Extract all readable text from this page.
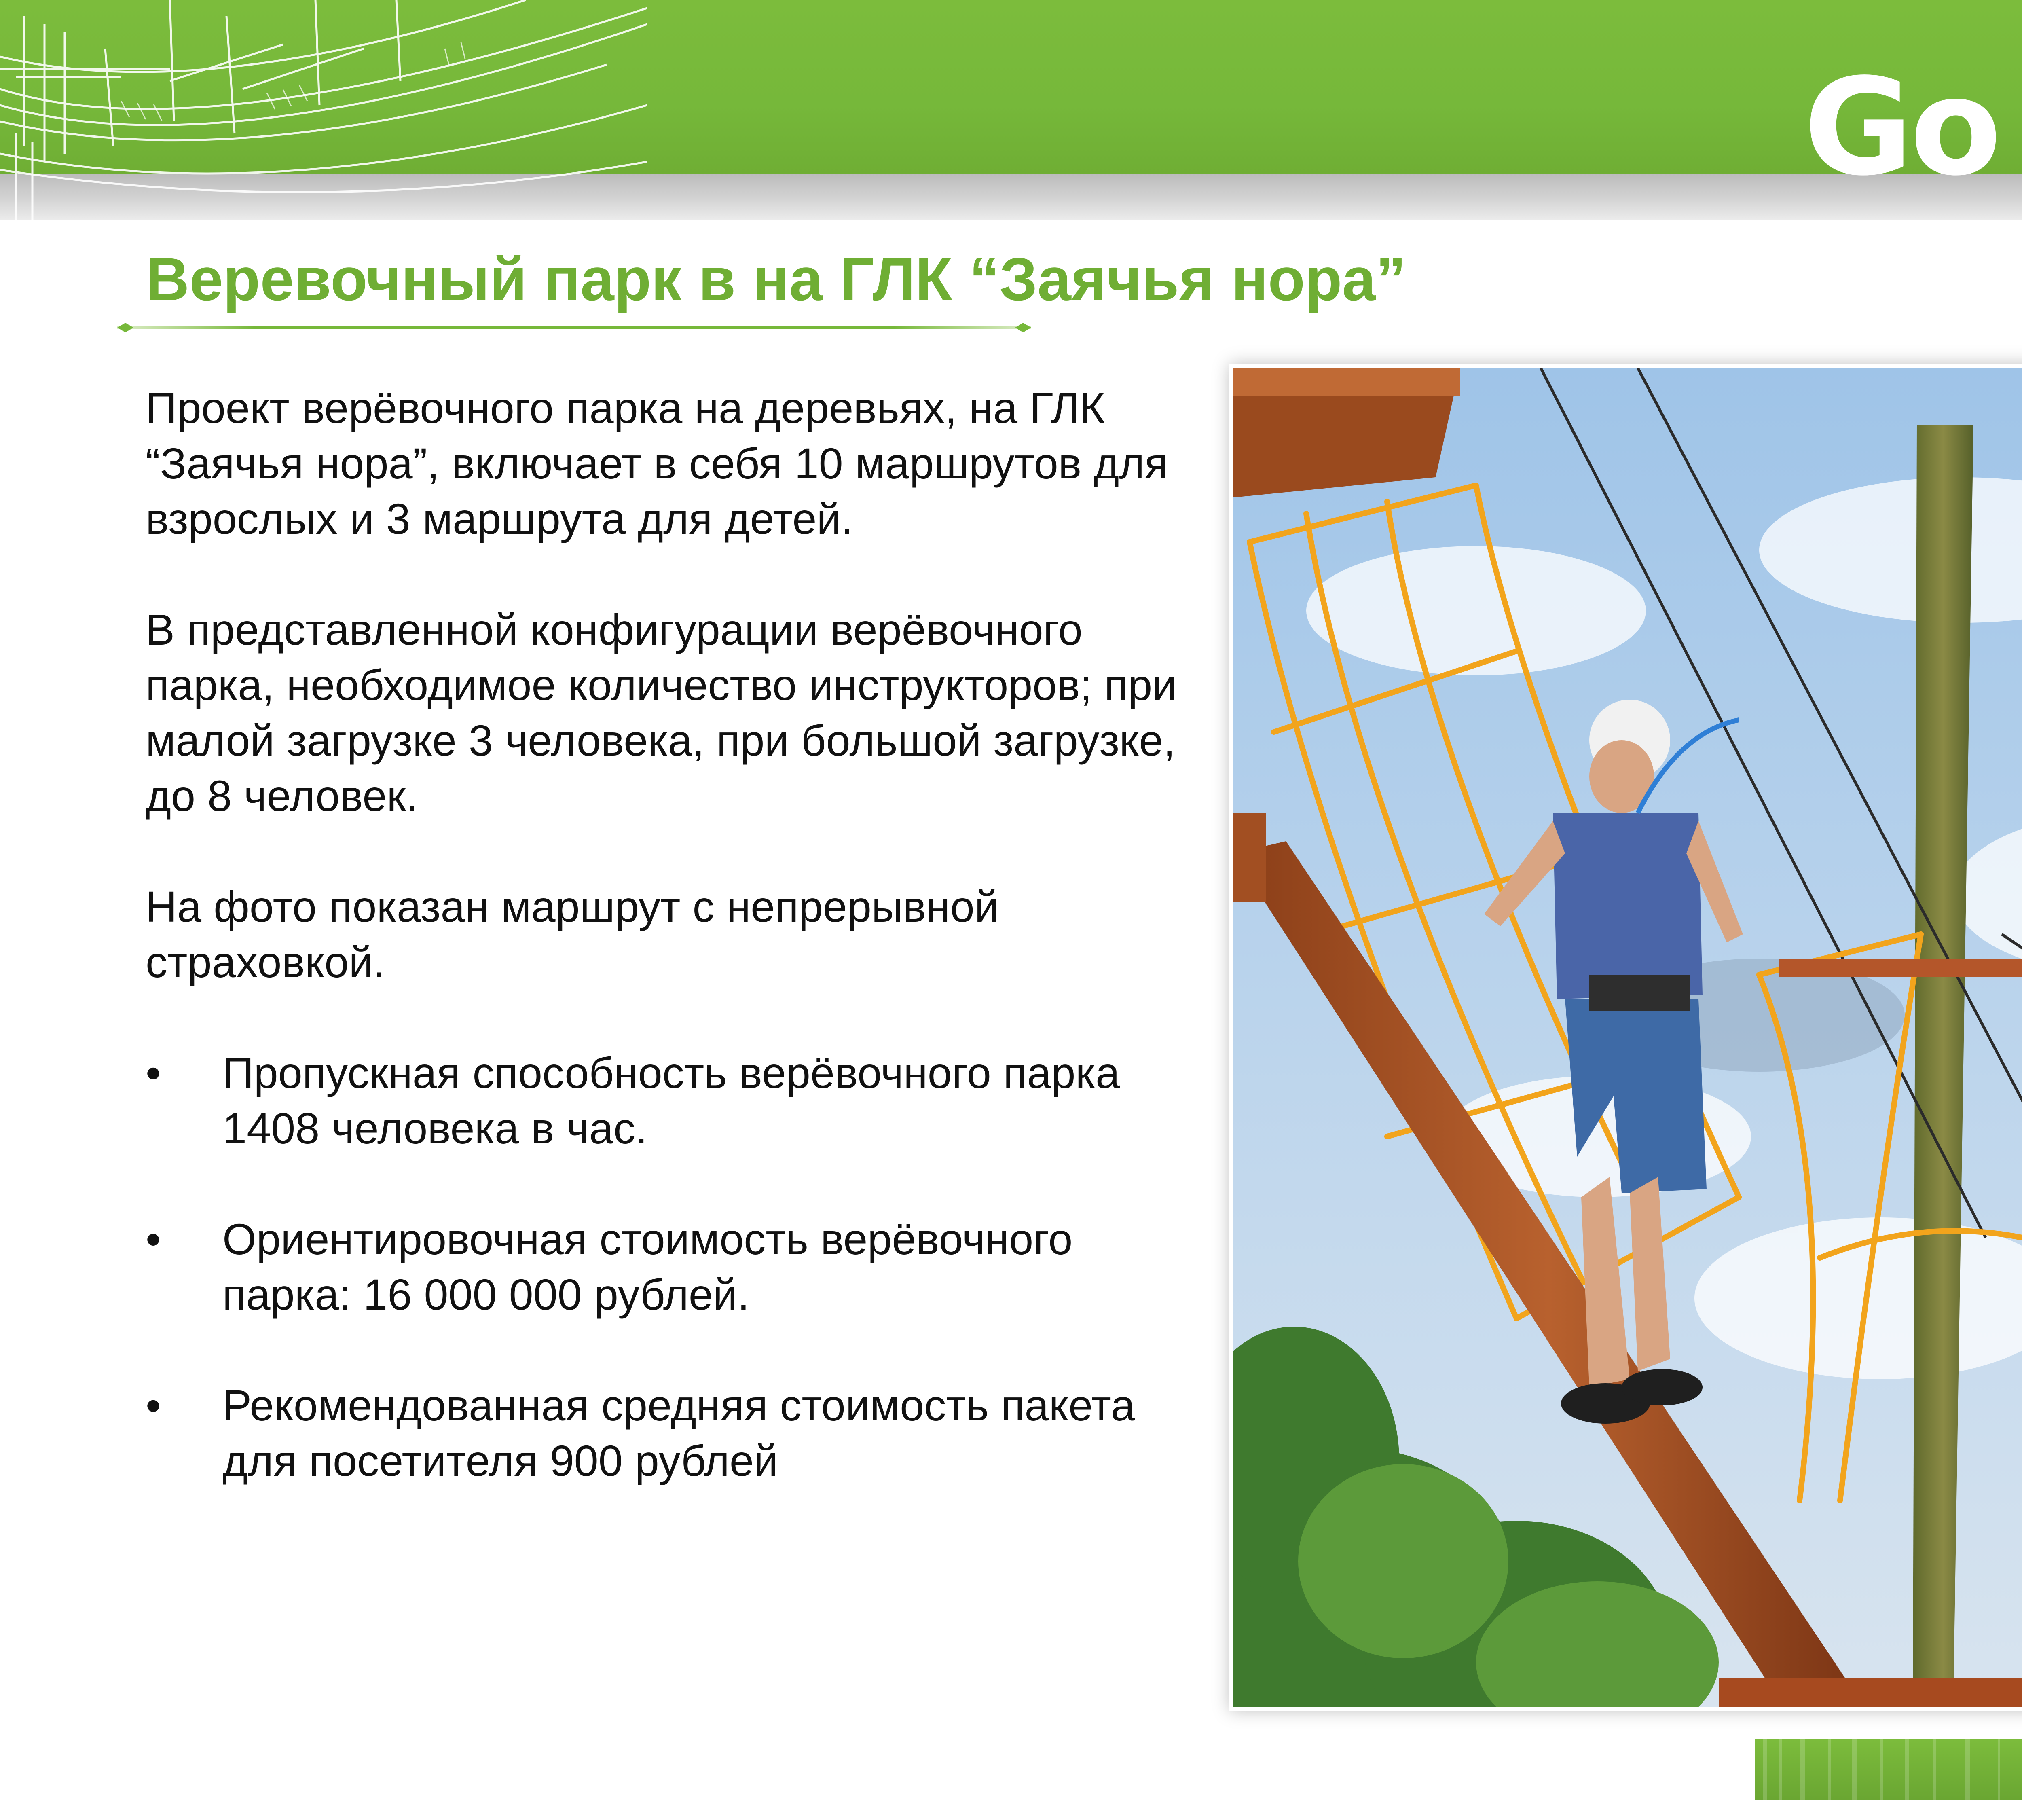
Go
Веревочный парк в на ГЛК “Заячья нора”

Проект верёвочного парка на деревьях, на ГЛК “Заячья нора”, включает в себя 10 маршрутов для взрослых и 3 маршрута для детей.

В представленной конфигурации верёвочного парка, необходимое количество инструкторов; при малой загрузке 3 человека, при большой загрузке, до 8 человек.

На фото показан маршрут с непрерывной страховкой.

• Пропускная способность верёвочного парка 1408 человека в час.
• Ориентировочная стоимость верёвочного парка: 16 000 000 рублей.
• Рекомендованная средняя стоимость пакета для посетителя 900 рублей
